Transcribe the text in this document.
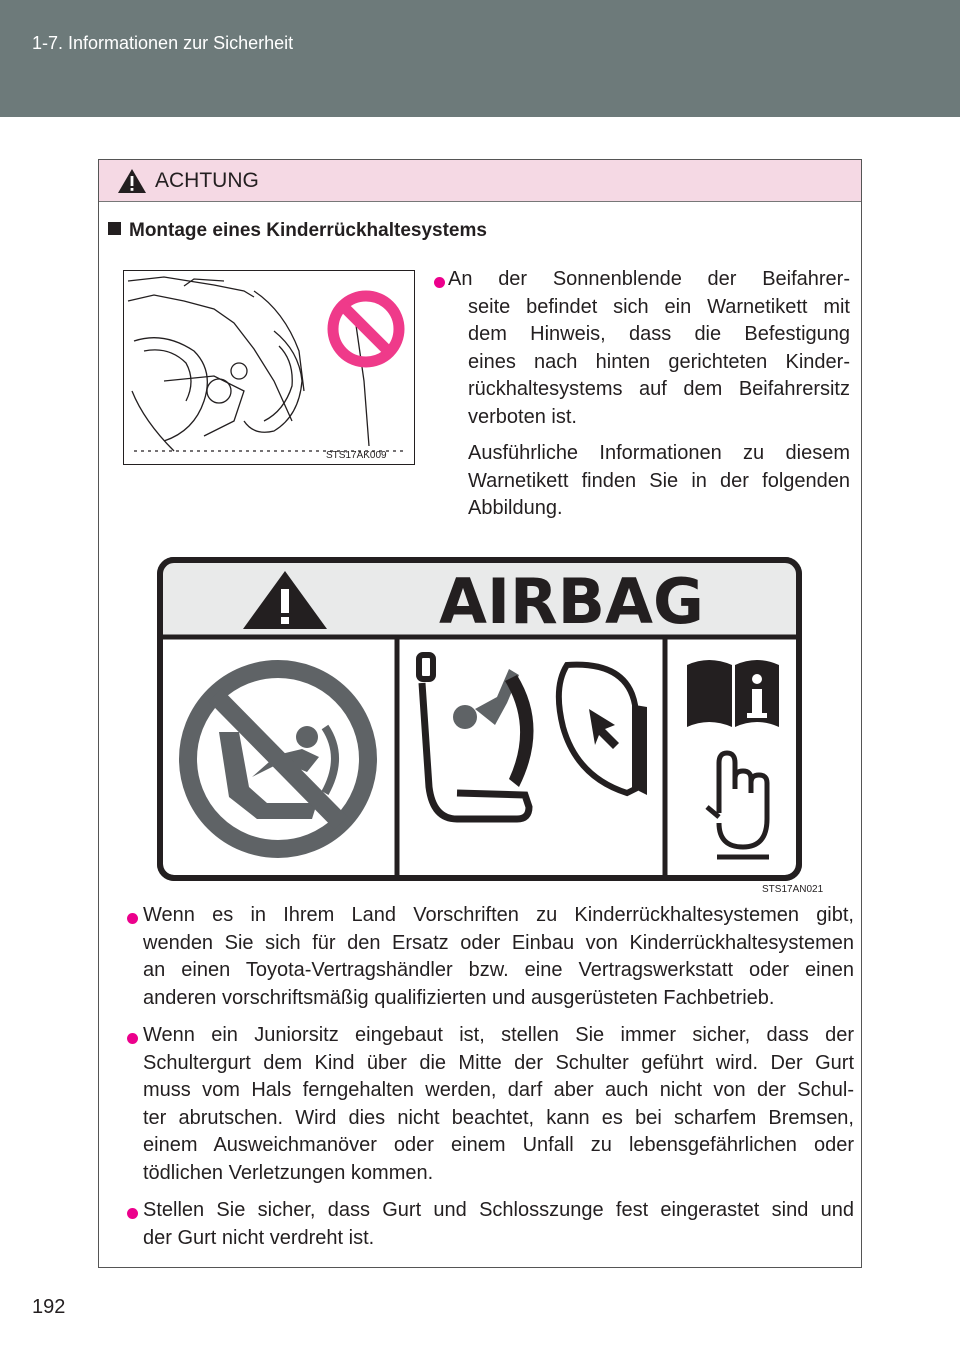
1-7. Informationen zur Sicherheit
ACHTUNG
Montage eines Kinderrückhaltesystems
STS17AK009
An der Sonnenblende der Beifahrer-
seite befindet sich ein Warnetikett mit
dem Hinweis, dass die Befestigung
eines nach hinten gerichteten Kinder-
rückhaltesystems auf dem Beifahrersitz
verboten ist.
Ausführliche Informationen zu diesem
Warnetikett finden Sie in der folgenden
Abbildung.
AIRBAG
STS17AN021
Wenn es in Ihrem Land Vorschriften zu Kinderrückhaltesystemen gibt,
wenden Sie sich für den Ersatz oder Einbau von Kinderrückhaltesystemen
an einen Toyota-Vertragshändler bzw. eine Vertragswerkstatt oder einen
anderen vorschriftsmäßig qualifizierten und ausgerüsteten Fachbetrieb.
Wenn ein Juniorsitz eingebaut ist, stellen Sie immer sicher, dass der
Schultergurt dem Kind über die Mitte der Schulter geführt wird. Der Gurt
muss vom Hals ferngehalten werden, darf aber auch nicht von der Schul-
ter abrutschen. Wird dies nicht beachtet, kann es bei scharfem Bremsen,
einem Ausweichmanöver oder einem Unfall zu lebensgefährlichen oder
tödlichen Verletzungen kommen.
Stellen Sie sicher, dass Gurt und Schlosszunge fest eingerastet sind und
der Gurt nicht verdreht ist.
192
